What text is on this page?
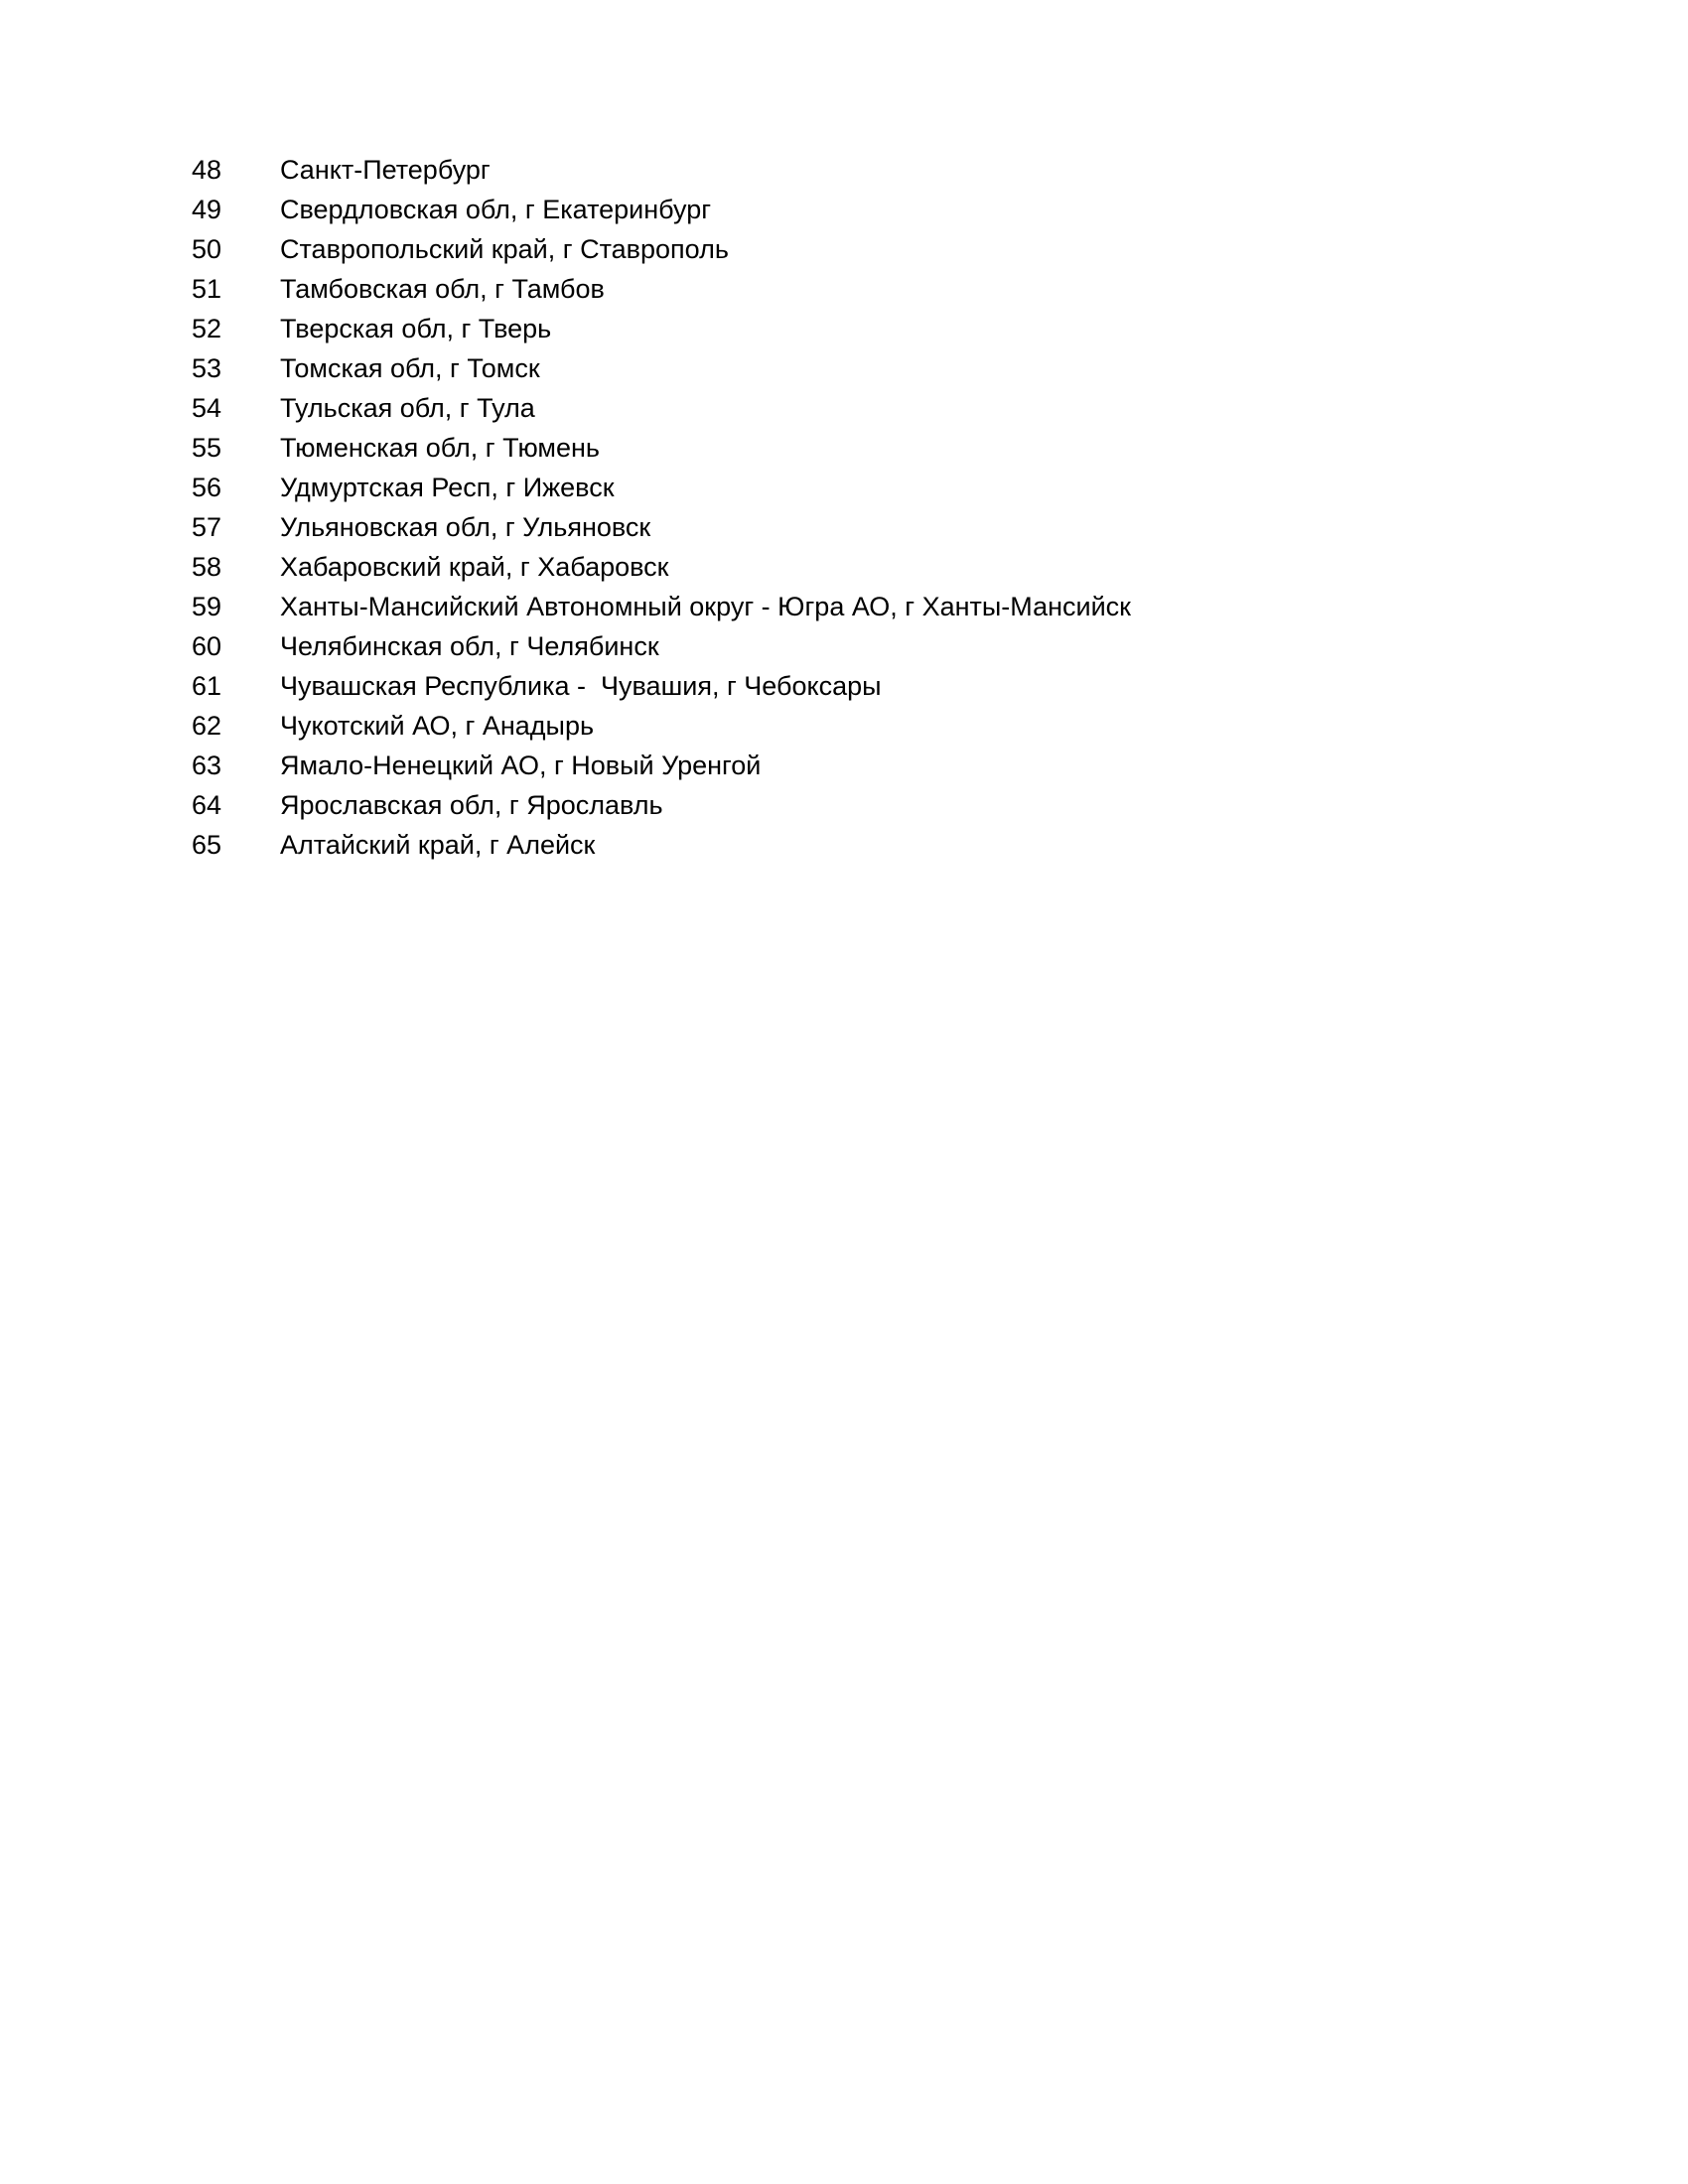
48	Санкт-Петербург
49	Свердловская обл, г Екатеринбург
50	Ставропольский край, г Ставрополь
51	Тамбовская обл, г Тамбов
52	Тверская обл, г Тверь
53	Томская обл, г Томск
54	Тульская обл, г Тула
55	Тюменская обл, г Тюмень
56	Удмуртская Респ, г Ижевск
57	Ульяновская обл, г Ульяновск
58	Хабаровский край, г Хабаровск
59	Ханты-Мансийский Автономный округ - Югра АО, г Ханты-Мансийск
60	Челябинская обл, г Челябинск
61	Чувашская Республика -  Чувашия, г Чебоксары
62	Чукотский АО, г Анадырь
63	Ямало-Ненецкий АО, г Новый Уренгой
64	Ярославская обл, г Ярославль
65	Алтайский край, г Алейск
